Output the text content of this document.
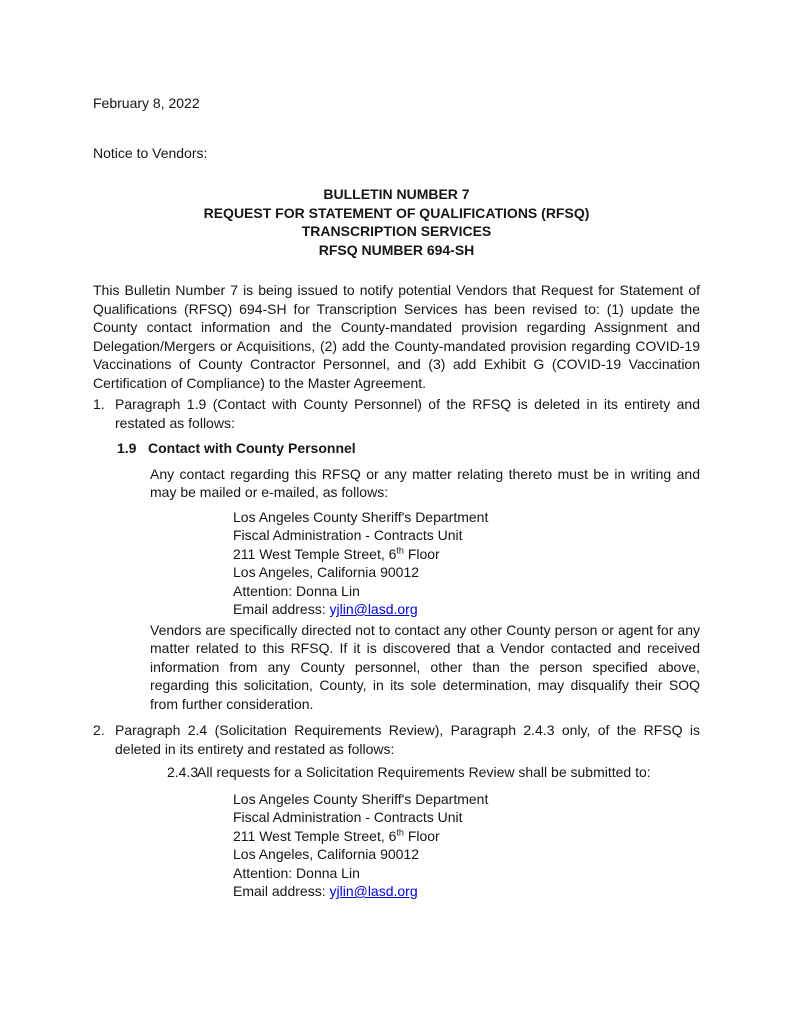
February 8, 2022

Notice to Vendors:

BULLETIN NUMBER 7

REQUEST FOR STATEMENT OF QUALIFICATIONS (RFSQ)

TRANSCRIPTION SERVICES

RFSQ NUMBER 694-SH

This Bulletin Number 7 is being issued to notify potential Vendors that Request for Statement of Qualifications (RFSQ) 694-SH for Transcription Services has been revised to: (1) update the County contact information and the County-mandated provision regarding Assignment and Delegation/Mergers or Acquisitions, (2) add the County-mandated provision regarding COVID-19 Vaccinations of County Contractor Personnel, and (3) add Exhibit G (COVID-19 Vaccination Certification of Compliance) to the Master Agreement.

1. Paragraph 1.9 (Contact with County Personnel) of the RFSQ is deleted in its entirety and restated as follows:
1.9 Contact with County Personnel

Any contact regarding this RFSQ or any matter relating thereto must be in writing and may be mailed or e-mailed, as follows:

Los Angeles County Sheriff's Department

Fiscal Administration - Contracts Unit

211 West Temple Street, 6th Floor

Los Angeles, California 90012

Attention: Donna Lin

Email address: yjlin@lasd.org

Vendors are specifically directed not to contact any other County person or agent for any matter related to this RFSQ. If it is discovered that a Vendor contacted and received information from any County personnel, other than the person specified above, regarding this solicitation, County, in its sole determination, may disqualify their SOQ from further consideration.

2. Paragraph 2.4 (Solicitation Requirements Review), Paragraph 2.4.3 only, of the RFSQ is deleted in its entirety and restated as follows:
2.4.3
All requests for a Solicitation Requirements Review shall be submitted to:

Los Angeles County Sheriff's Department

Fiscal Administration - Contracts Unit

211 West Temple Street, 6th Floor

Los Angeles, California 90012

Attention: Donna Lin

Email address: yjlin@lasd.org
